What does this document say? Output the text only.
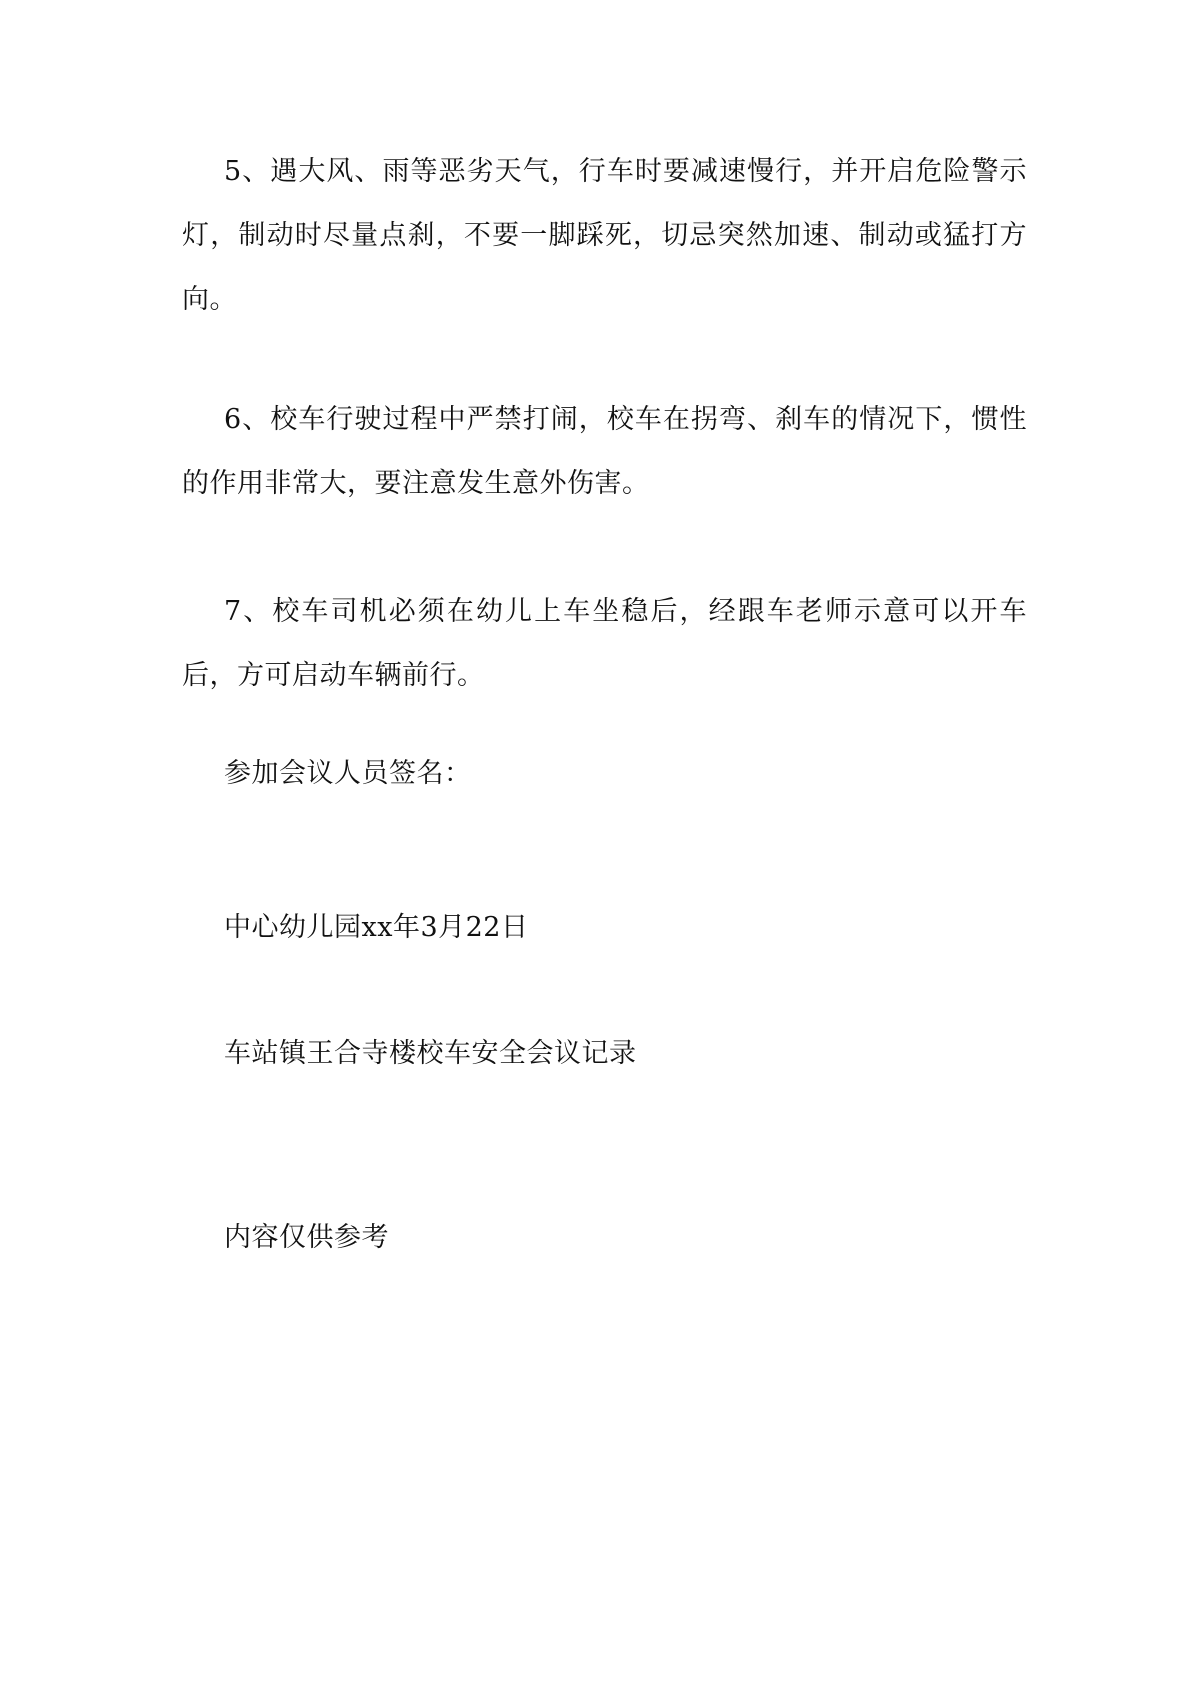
5、遇大风、雨等恶劣天气，行车时要减速慢行，并开启危险警示灯，制动时尽量点刹，不要一脚踩死，切忌突然加速、制动或猛打方向。

6、校车行驶过程中严禁打闹，校车在拐弯、刹车的情况下，惯性的作用非常大，要注意发生意外伤害。

7、校车司机必须在幼儿上车坐稳后，经跟车老师示意可以开车后，方可启动车辆前行。

参加会议人员签名：

中心幼儿园xx年3月22日

车站镇王合寺楼校车安全会议记录

内容仅供参考
